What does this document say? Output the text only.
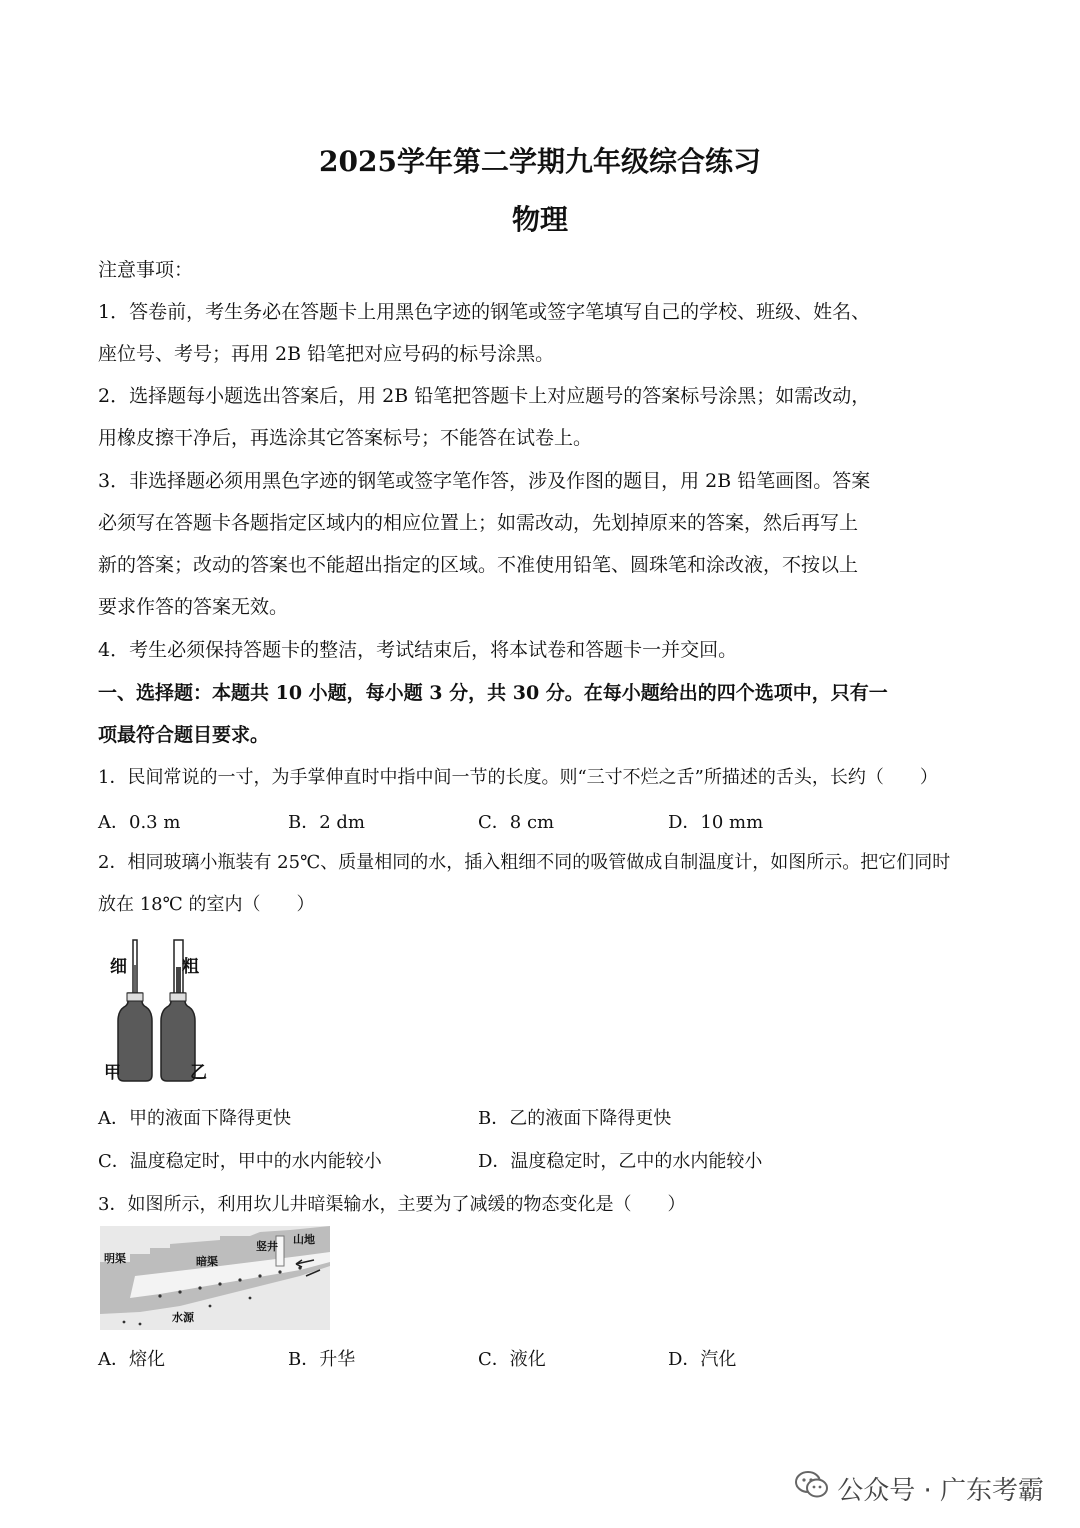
2025学年第二学期九年级综合练习
物理
注意事项：
1．答卷前，考生务必在答题卡上用黑色字迹的钢笔或签字笔填写自己的学校、班级、姓名、
座位号、考号；再用 2B 铅笔把对应号码的标号涂黑。
2．选择题每小题选出答案后，用 2B 铅笔把答题卡上对应题号的答案标号涂黑；如需改动，
用橡皮擦干净后，再选涂其它答案标号；不能答在试卷上。
3．非选择题必须用黑色字迹的钢笔或签字笔作答，涉及作图的题目，用 2B 铅笔画图。答案
必须写在答题卡各题指定区域内的相应位置上；如需改动，先划掉原来的答案，然后再写上
新的答案；改动的答案也不能超出指定的区域。不准使用铅笔、圆珠笔和涂改液，不按以上
要求作答的答案无效。
4．考生必须保持答题卡的整洁，考试结束后，将本试卷和答题卡一并交回。
一、选择题：本题共 10 小题，每小题 3 分，共 30 分。在每小题给出的四个选项中，只有一
项最符合题目要求。
1．民间常说的一寸，为手掌伸直时中指中间一节的长度。则“三寸不烂之舌”所描述的舌头，长约（　　）
A．0.3 m	B．2 dm	C．8 cm	D．10 mm
2．相同玻璃小瓶装有 25℃、质量相同的水，插入粗细不同的吸管做成自制温度计，如图所示。把它们同时
放在 18℃ 的室内（　　）
细	粗
甲	乙
A．甲的液面下降得更快	B．乙的液面下降得更快
C．温度稳定时，甲中的水内能较小	D．温度稳定时，乙中的水内能较小
3．如图所示，利用坎儿井暗渠输水，主要为了减缓的物态变化是（　　）
明渠	暗渠
竖井
山地
水源
A．熔化	B．升华	C．液化	D．汽化
公众号 · 广东考霸
